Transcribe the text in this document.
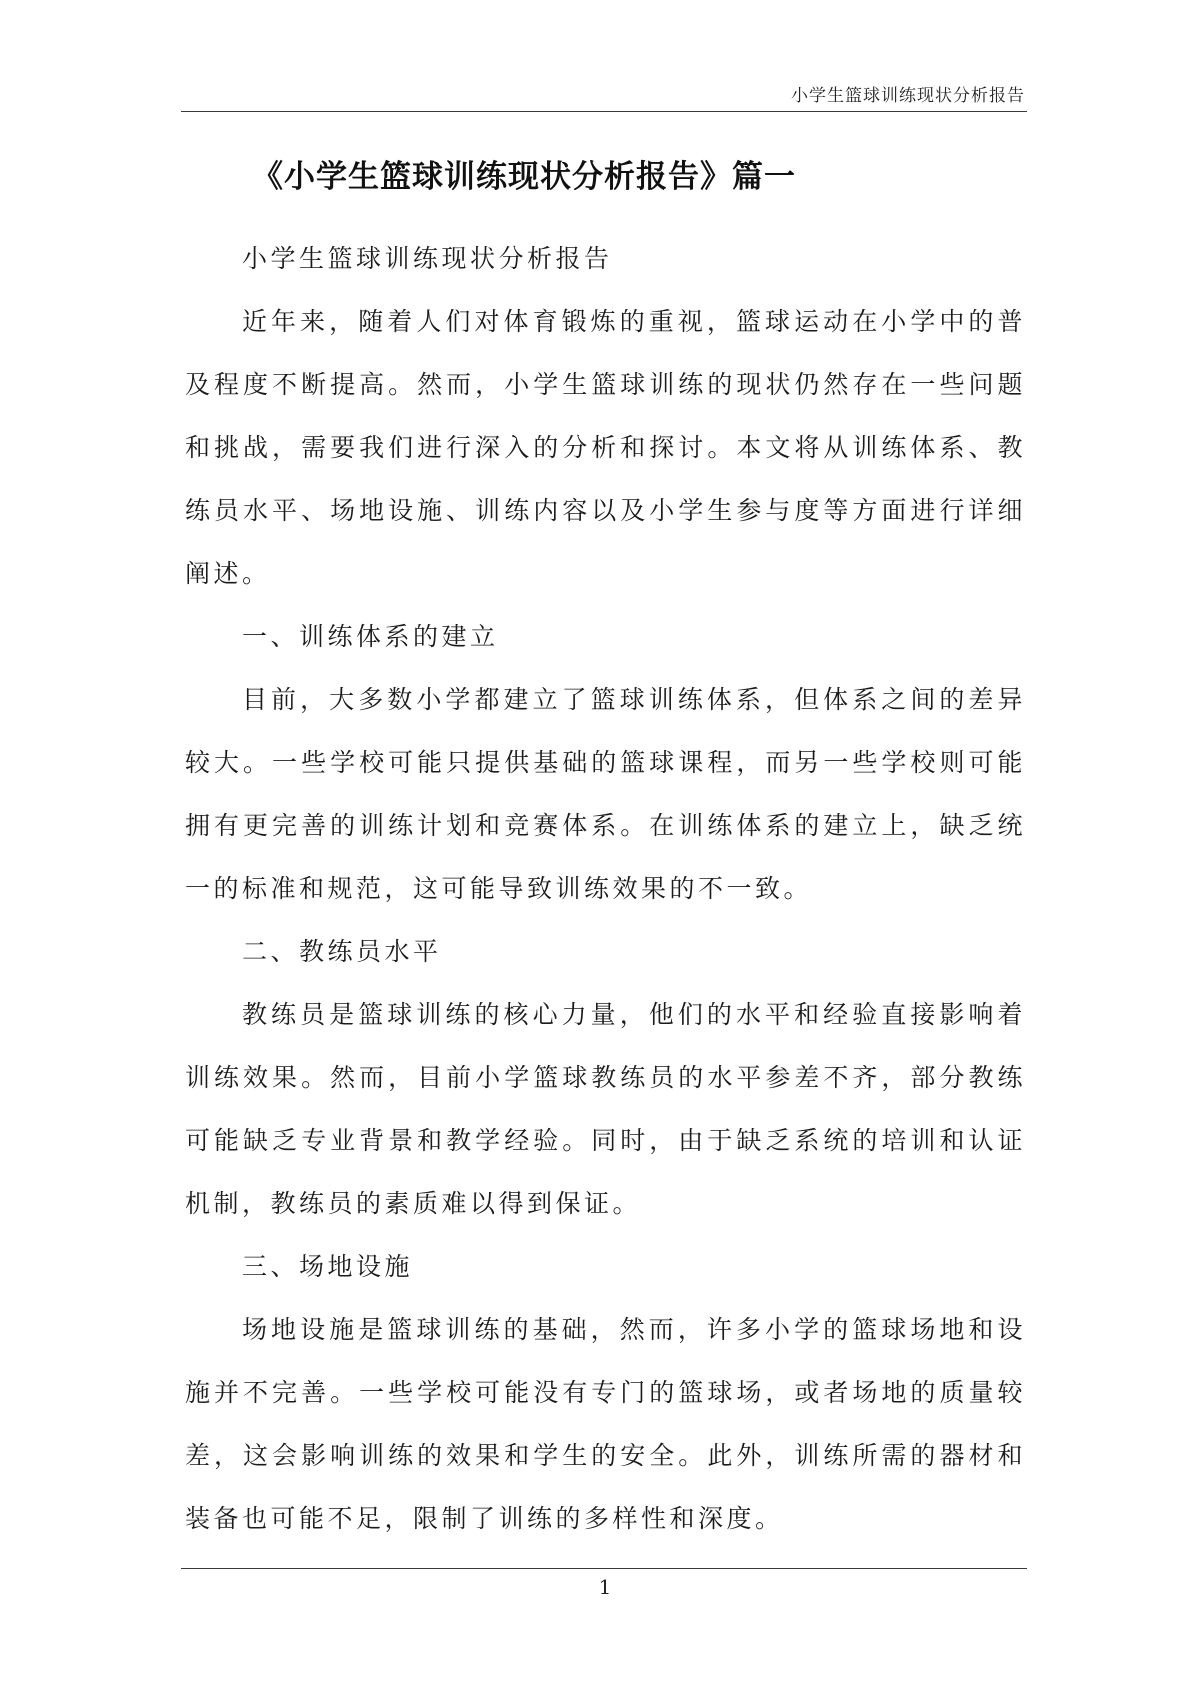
小学生篮球训练现状分析报告
《小学生篮球训练现状分析报告》篇一
小学生篮球训练现状分析报告
近年来，随着人们对体育锻炼的重视，篮球运动在小学中的普
及程度不断提高。然而，小学生篮球训练的现状仍然存在一些问题
和挑战，需要我们进行深入的分析和探讨。本文将从训练体系、教
练员水平、场地设施、训练内容以及小学生参与度等方面进行详细
阐述。
一、训练体系的建立
目前，大多数小学都建立了篮球训练体系，但体系之间的差异
较大。一些学校可能只提供基础的篮球课程，而另一些学校则可能
拥有更完善的训练计划和竞赛体系。在训练体系的建立上，缺乏统
一的标准和规范，这可能导致训练效果的不一致。
二、教练员水平
教练员是篮球训练的核心力量，他们的水平和经验直接影响着
训练效果。然而，目前小学篮球教练员的水平参差不齐，部分教练
可能缺乏专业背景和教学经验。同时，由于缺乏系统的培训和认证
机制，教练员的素质难以得到保证。
三、场地设施
场地设施是篮球训练的基础，然而，许多小学的篮球场地和设
施并不完善。一些学校可能没有专门的篮球场，或者场地的质量较
差，这会影响训练的效果和学生的安全。此外，训练所需的器材和
装备也可能不足，限制了训练的多样性和深度。
1
